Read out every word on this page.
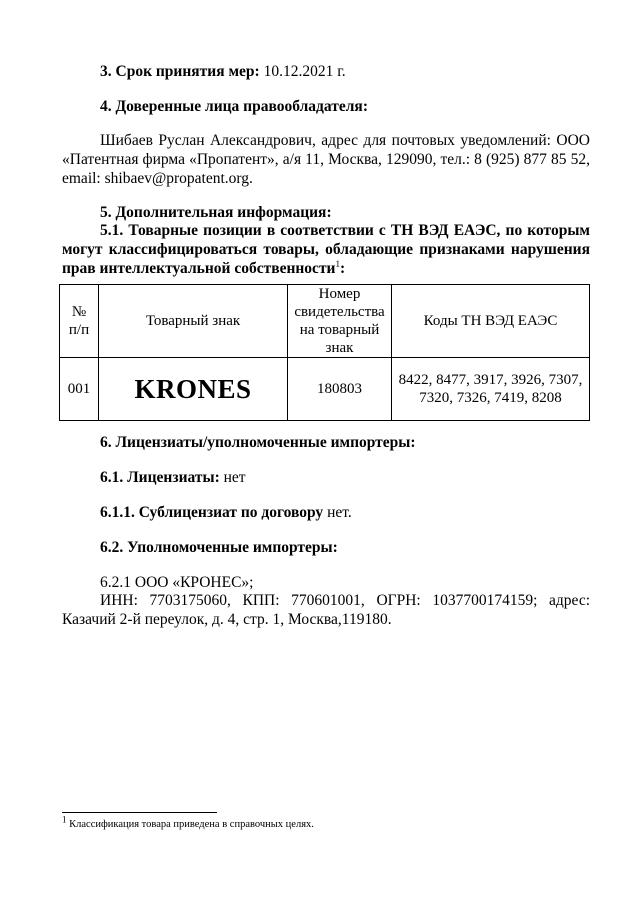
3. Срок принятия мер: 10.12.2021 г.

4. Доверенные лица правообладателя:

Шибаев Руслан Александрович, адрес для почтовых уведомлений: ООО «Патентная фирма «Пропатент», а/я 11, Москва, 129090, тел.: 8 (925) 877 85 52, email: shibaev@propatent.org.

5. Дополнительная информация:

5.1. Товарные позиции в соответствии с ТН ВЭД ЕАЭС, по которым могут классифицироваться товары, обладающие признаками нарушения прав интеллектуальной собственности$^1$:

№ п/п	Товарный знак	Номер свидетельства на товарный знак	Коды ТН ВЭД ЕАЭС
001	KRONES	180803	8422, 8477, 3917, 3926, 7307, 7320, 7326, 7419, 8208

6. Лицензиаты/уполномоченные импортеры:

6.1. Лицензиаты: нет

6.1.1. Сублицензиат по договору нет.

6.2. Уполномоченные импортеры:

6.2.1 ООО «КРОНЕС»;

ИНН: 7703175060, КПП: 770601001, ОГРН: 1037700174159; адрес: Казачий 2-й переулок, д. 4, стр. 1, Москва,119180.

$^1$ Классификация товара приведена в справочных целях.
